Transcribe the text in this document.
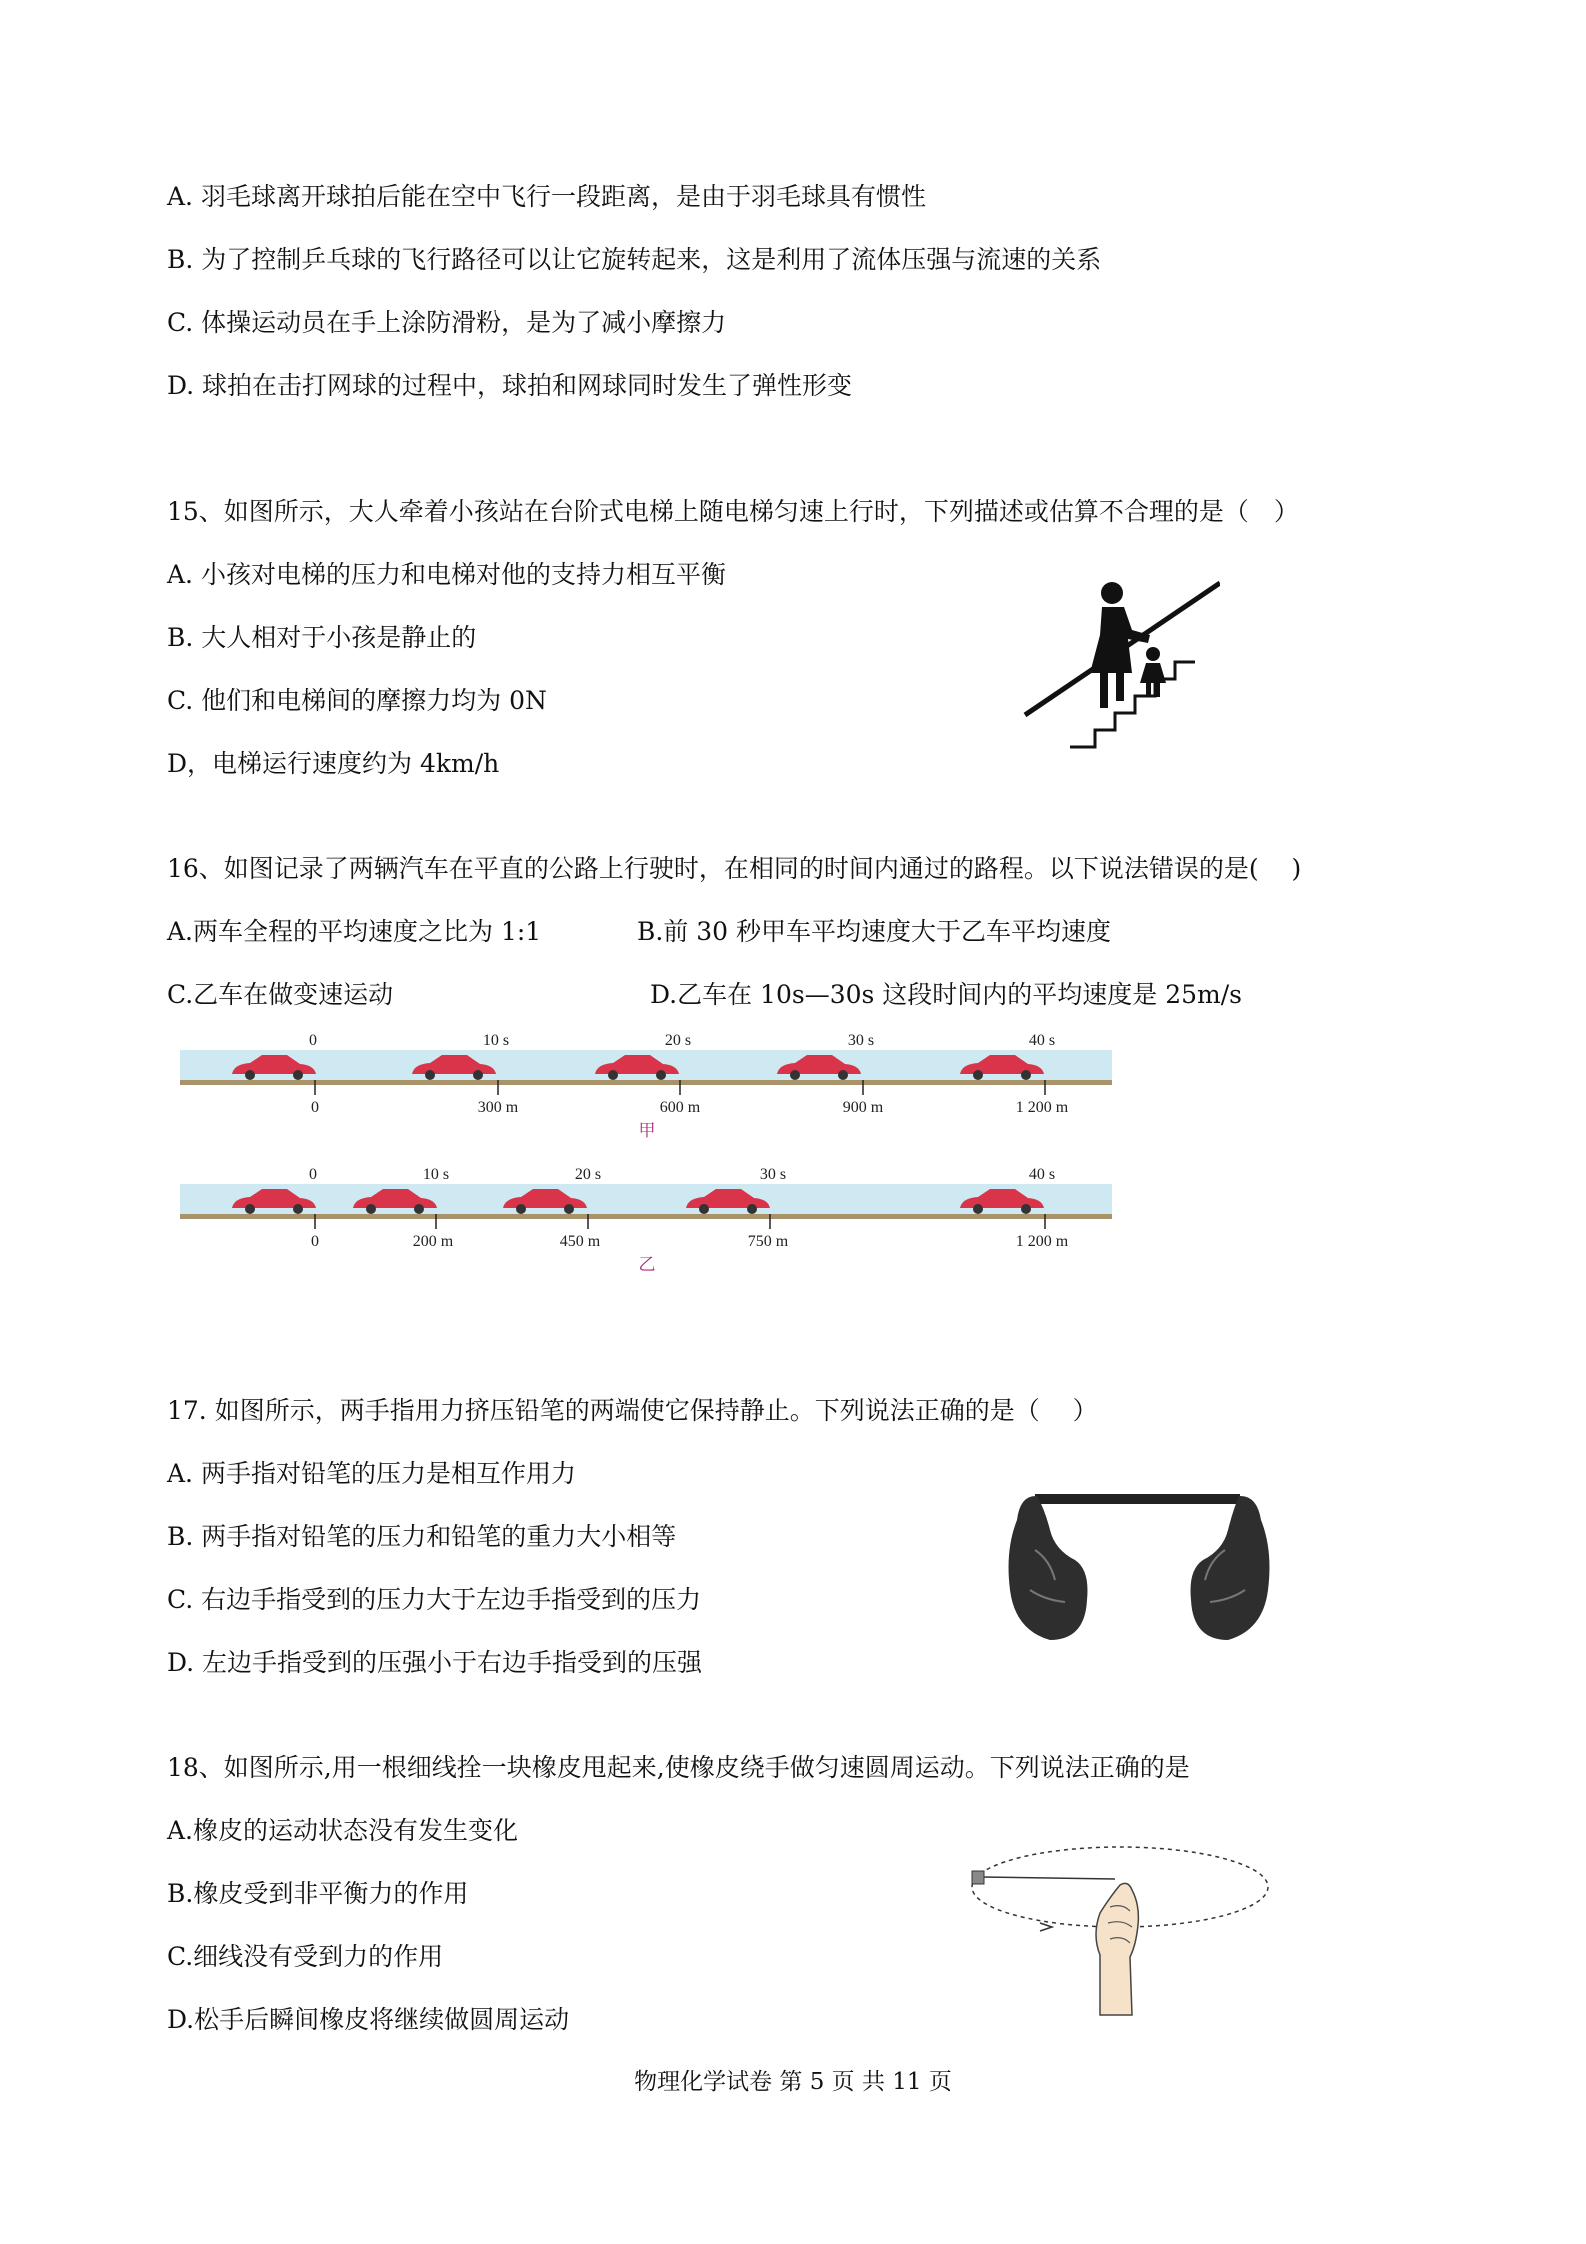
A. 羽毛球离开球拍后能在空中飞行一段距离，是由于羽毛球具有惯性
B. 为了控制乒乓球的飞行路径可以让它旋转起来，这是利用了流体压强与流速的关系
C. 体操运动员在手上涂防滑粉，是为了减小摩擦力
D. 球拍在击打网球的过程中，球拍和网球同时发生了弹性形变
15、如图所示，大人牵着小孩站在台阶式电梯上随电梯匀速上行时，下列描述或估算不合理的是（　）
A. 小孩对电梯的压力和电梯对他的支持力相互平衡
B. 大人相对于小孩是静止的
C. 他们和电梯间的摩擦力均为 0N
D，电梯运行速度约为 4km/h
16、如图记录了两辆汽车在平直的公路上行驶时，在相同的时间内通过的路程。以下说法错误的是(　 )
A.两车全程的平均速度之比为 1:1	B.前 30 秒甲车平均速度大于乙车平均速度
C.乙车在做变速运动	D.乙车在 10s—30s 这段时间内的平均速度是 25m/s
0	10 s	20 s	30 s	40 s
0	300 m	600 m	900 m	1 200 m
甲
0	10 s	20 s	30 s	40 s
0	200 m	450 m	750 m	1 200 m
乙
17. 如图所示，两手指用力挤压铅笔的两端使它保持静止。下列说法正确的是（　 ）
A. 两手指对铅笔的压力是相互作用力
B. 两手指对铅笔的压力和铅笔的重力大小相等
C. 右边手指受到的压力大于左边手指受到的压力
D. 左边手指受到的压强小于右边手指受到的压强
18、如图所示,用一根细线拴一块橡皮甩起来,使橡皮绕手做匀速圆周运动。下列说法正确的是
A.橡皮的运动状态没有发生变化
B.橡皮受到非平衡力的作用
C.细线没有受到力的作用
D.松手后瞬间橡皮将继续做圆周运动
物理化学试卷 第 5 页 共 11 页
